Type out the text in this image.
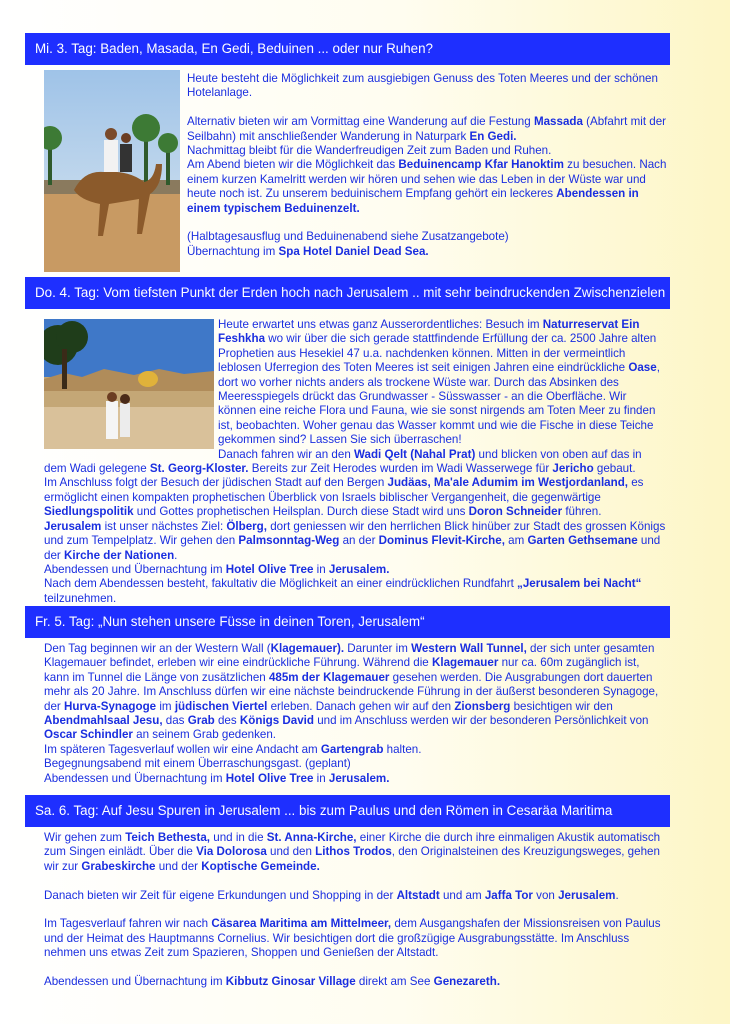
Mi. 3. Tag: Baden, Masada, En Gedi, Beduinen ... oder nur Ruhen?

Heute besteht die Möglichkeit zum ausgiebigen Genuss des Toten Meeres und der schönen Hotelanlage.

Alternativ bieten wir am Vormittag eine Wanderung auf die Festung Massada (Abfahrt mit der Seilbahn) mit anschließender Wanderung in Naturpark En Gedi.

Nachmittag bleibt für die Wanderfreudigen Zeit zum Baden und Ruhen.

Am Abend bieten wir die Möglichkeit das Beduinencamp Kfar Hanoktim zu besuchen. Nach einem kurzen Kamelritt werden wir hören und sehen wie das Leben in der Wüste war und heute noch ist. Zu unserem beduinischem Empfang gehört ein leckeres Abendessen in einem typischem Beduinenzelt.

(Halbtagesausflug und Beduinenabend siehe Zusatzangebote)

Übernachtung im Spa Hotel Daniel Dead Sea.

Do. 4. Tag: Vom tiefsten Punkt der Erden hoch nach Jerusalem .. mit sehr beindruckenden Zwischenzielen

Heute erwartet uns etwas ganz Ausserordentliches: Besuch im Naturreservat Ein Feshkha wo wir über die sich gerade stattfindende Erfüllung der ca. 2500 Jahre alten Prophetien aus Hesekiel 47 u.a. nachdenken können. Mitten in der vermeintlich leblosen Uferregion des Toten Meeres ist seit einigen Jahren eine eindrückliche Oase, dort wo vorher nichts anders als trockene Wüste war. Durch das Absinken des Meeresspiegels drückt das Grundwasser - Süsswasser - an die Oberfläche. Wir können eine reiche Flora und Fauna, wie sie sonst nirgends am Toten Meer zu finden ist, beobachten. Woher genau das Wasser kommt und wie die Fische in diese Teiche gekommen sind? Lassen Sie sich überraschen!

Danach fahren wir an den Wadi Qelt (Nahal Prat) und blicken von oben auf das in dem Wadi gelegene St. Georg-Kloster. Bereits zur Zeit Herodes wurden im Wadi Wasserwege für Jericho gebaut.

Im Anschluss folgt der Besuch der jüdischen Stadt auf den Bergen Judäas, Ma'ale Adumim im Westjordanland, es ermöglicht einen kompakten prophetischen Überblick von Israels biblischer Vergangenheit, die gegenwärtige Siedlungspolitik und Gottes prophetischen Heilsplan. Durch diese Stadt wird uns Doron Schneider führen.

Jerusalem ist unser nächstes Ziel: Ölberg, dort geniessen wir den herrlichen Blick hinüber zur Stadt des grossen Königs und zum Tempelplatz. Wir gehen den Palmsonntag-Weg an der Dominus Flevit-Kirche, am Garten Gethsemane und der Kirche der Nationen.

Abendessen und Übernachtung im Hotel Olive Tree in Jerusalem.

Nach dem Abendessen besteht, fakultativ die Möglichkeit an einer eindrücklichen Rundfahrt „Jerusalem bei Nacht“ teilzunehmen.

Fr. 5. Tag: „Nun stehen unsere Füsse in deinen Toren, Jerusalem“

Den Tag beginnen wir an der Western Wall (Klagemauer). Darunter im Western Wall Tunnel, der sich unter gesamten Klagemauer befindet, erleben wir eine eindrückliche Führung. Während die Klagemauer nur ca. 60m zugänglich ist, kann im Tunnel die Länge von zusätzlichen 485m der Klagemauer gesehen werden. Die Ausgrabungen dort dauerten mehr als 20 Jahre. Im Anschluss dürfen wir eine nächste beindruckende Führung in der äußerst besonderen Synagoge, der Hurva-Synagoge im jüdischen Viertel erleben. Danach gehen wir auf den Zionsberg besichtigen wir den Abendmahlsaal Jesu, das Grab des Königs David und im Anschluss werden wir der besonderen Persönlichkeit von Oscar Schindler an seinem Grab gedenken.

Im späteren Tagesverlauf wollen wir eine Andacht am Gartengrab halten.

Begegnungsabend mit einem Überraschungsgast. (geplant)

Abendessen und Übernachtung im Hotel Olive Tree in Jerusalem.

Sa. 6. Tag: Auf Jesu Spuren in Jerusalem ... bis zum Paulus und den Römen in Cesaräa Maritima

Wir gehen zum Teich Bethesta, und in die St. Anna-Kirche, einer Kirche die durch ihre einmaligen Akustik automatisch zum Singen einlädt. Über die Via Dolorosa und den Lithos Trodos, den Originalsteinen des Kreuzigungsweges, gehen wir zur Grabeskirche und der Koptische Gemeinde.

Danach bieten wir Zeit für eigene Erkundungen und Shopping in der Altstadt und am Jaffa Tor von Jerusalem.

Im Tagesverlauf fahren wir nach Cäsarea Maritima am Mittelmeer, dem Ausgangshafen der Missionsreisen von Paulus und der Heimat des Hauptmanns Cornelius. Wir besichtigen dort die großzügige Ausgrabungsstätte. Im Anschluss nehmen uns etwas Zeit zum Spazieren, Shoppen und Genießen der Altstadt.

Abendessen und Übernachtung im Kibbutz Ginosar Village direkt am See Genezareth.
